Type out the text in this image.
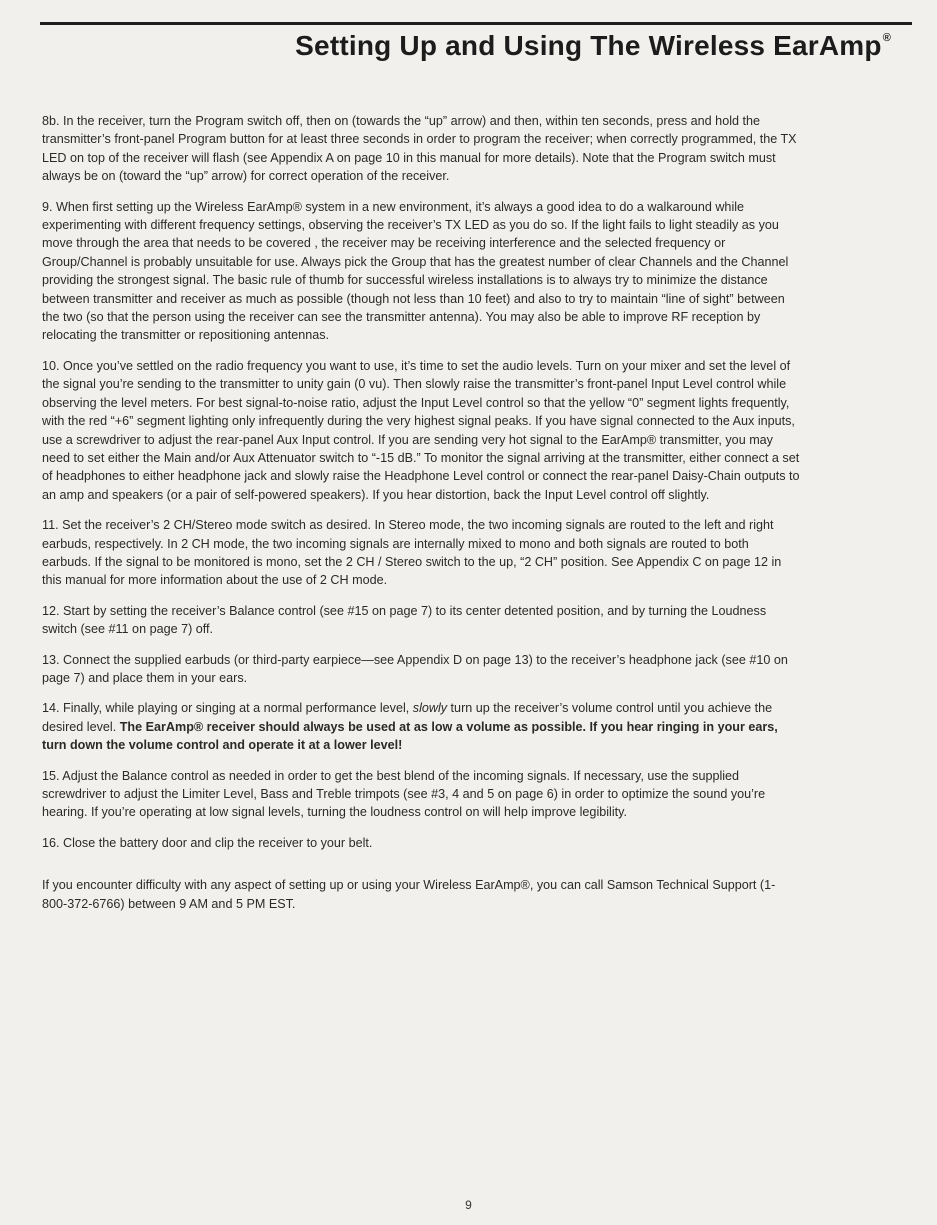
Setting Up and Using The Wireless EarAmp®

8b. In the receiver, turn the Program switch off, then on (towards the “up” arrow) and then, within ten seconds, press and hold the transmitter’s front-panel Program button for at least three seconds in order to program the receiver; when correctly programmed, the TX LED on top of the receiver will flash (see Appendix A on page 10 in this manual for more details). Note that the Program switch must always be on (toward the “up” arrow) for correct operation of the receiver.

9. When first setting up the Wireless EarAmp® system in a new environment, it’s always a good idea to do a walkaround while experimenting with different frequency settings, observing the receiver’s TX LED as you do so. If the light fails to light steadily as you move through the area that needs to be covered , the receiver may be receiving interference and the selected frequency or Group/Channel is probably unsuitable for use. Always pick the Group that has the greatest number of clear Channels and the Channel providing the strongest signal. The basic rule of thumb for successful wireless installations is to always try to minimize the distance between transmitter and receiver as much as possible (though not less than 10 feet) and also to try to maintain “line of sight” between the two (so that the person using the receiver can see the transmitter antenna). You may also be able to improve RF reception by relocating the transmitter or repositioning antennas.

10. Once you’ve settled on the radio frequency you want to use, it’s time to set the audio levels. Turn on your mixer and set the level of the signal you’re sending to the transmitter to unity gain (0 vu). Then slowly raise the transmitter’s front-panel Input Level control while observing the level meters. For best signal-to-noise ratio, adjust the Input Level control so that the yellow “0” segment lights frequently, with the red “+6” segment lighting only infrequently during the very highest signal peaks. If you have signal connected to the Aux inputs, use a screwdriver to adjust the rear-panel Aux Input control. If you are sending very hot signal to the EarAmp® transmitter, you may need to set either the Main and/or Aux Attenuator switch to “-15 dB.” To monitor the signal arriving at the transmitter, either connect a set of headphones to either headphone jack and slowly raise the Headphone Level control or connect the rear-panel Daisy-Chain outputs to an amp and speakers (or a pair of self-powered speakers). If you hear distortion, back the Input Level control off slightly.

11. Set the receiver’s 2 CH/Stereo mode switch as desired. In Stereo mode, the two incoming signals are routed to the left and right earbuds, respectively. In 2 CH mode, the two incoming signals are internally mixed to mono and both signals are routed to both earbuds. If the signal to be monitored is mono, set the 2 CH / Stereo switch to the up, “2 CH” position. See Appendix C on page 12 in this manual for more information about the use of 2 CH mode.

12. Start by setting the receiver’s Balance control (see #15 on page 7) to its center detented position, and by turning the Loudness switch (see #11 on page 7) off.

13. Connect the supplied earbuds (or third-party earpiece—see Appendix D on page 13) to the receiver’s headphone jack (see #10 on page 7) and place them in your ears.

14. Finally, while playing or singing at a normal performance level, slowly turn up the receiver’s volume control until you achieve the desired level. The EarAmp® receiver should always be used at as low a volume as possible. If you hear ringing in your ears, turn down the volume control and operate it at a lower level!

15. Adjust the Balance control as needed in order to get the best blend of the incoming signals. If necessary, use the supplied screwdriver to adjust the Limiter Level, Bass and Treble trimpots (see #3, 4 and 5 on page 6) in order to optimize the sound you’re hearing. If you’re operating at low signal levels, turning the loudness control on will help improve legibility.

16. Close the battery door and clip the receiver to your belt.

If you encounter difficulty with any aspect of setting up or using your Wireless EarAmp®, you can call Samson Technical Support (1-800-372-6766) between 9 AM and 5 PM EST.

9
